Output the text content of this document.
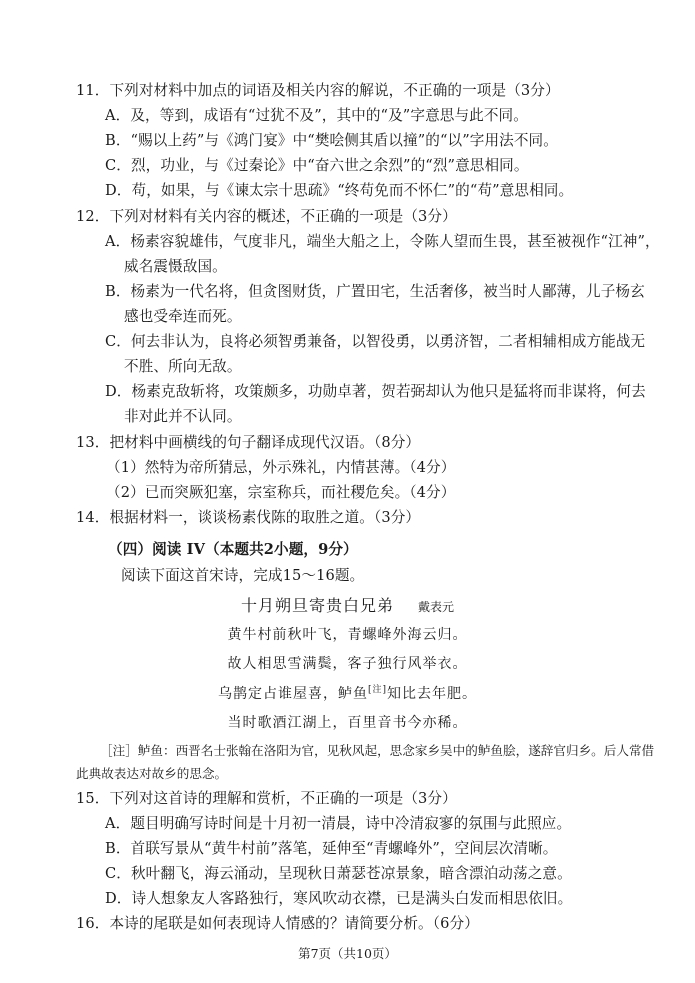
11．下列对材料中加点的词语及相关内容的解说，不正确的一项是（3分）
A．及，等到，成语有“过犹不及”，其中的“及”字意思与此不同。
B．“赐以上药”与《鸿门宴》中“樊哙侧其盾以撞”的“以”字用法不同。
C．烈，功业，与《过秦论》中“奋六世之余烈”的“烈”意思相同。
D．苟，如果，与《谏太宗十思疏》“终苟免而不怀仁”的“苟”意思相同。
12．下列对材料有关内容的概述，不正确的一项是（3分）
A．杨素容貌雄伟，气度非凡，端坐大船之上，令陈人望而生畏，甚至被视作“江神”，
威名震慑敌国。
B．杨素为一代名将，但贪图财货，广置田宅，生活奢侈，被当时人鄙薄，儿子杨玄
感也受牵连而死。
C．何去非认为，良将必须智勇兼备，以智役勇，以勇济智，二者相辅相成方能战无
不胜、所向无敌。
D．杨素克敌斩将，攻策颇多，功勋卓著，贺若弼却认为他只是猛将而非谋将，何去
非对此并不认同。
13．把材料中画横线的句子翻译成现代汉语。（8分）
（1）然特为帝所猜忌，外示殊礼，内情甚薄。（4分）
（2）已而突厥犯塞，宗室称兵，而社稷危矣。（4分）
14．根据材料一，谈谈杨素伐陈的取胜之道。（3分）
（四）阅读 IV（本题共2小题，9分）
阅读下面这首宋诗，完成15～16题。
十月朔旦寄贵白兄弟 戴表元
黄牛村前秋叶飞，青螺峰外海云归。
故人相思雪满鬓，客子独行风举衣。
乌鹊定占谁屋喜，鲈鱼[注]知比去年肥。
当时歌酒江湖上，百里音书今亦稀。
［注］鲈鱼：西晋名士张翰在洛阳为官，见秋风起，思念家乡吴中的鲈鱼脍，遂辞官归乡。后人常借
此典故表达对故乡的思念。
15．下列对这首诗的理解和赏析，不正确的一项是（3分）
A．题目明确写诗时间是十月初一清晨，诗中冷清寂寥的氛围与此照应。
B．首联写景从“黄牛村前”落笔，延伸至“青螺峰外”，空间层次清晰。
C．秋叶翻飞，海云涌动，呈现秋日萧瑟苍凉景象，暗含漂泊动荡之意。
D．诗人想象友人客路独行，寒风吹动衣襟，已是满头白发而相思依旧。
16．本诗的尾联是如何表现诗人情感的？请简要分析。（6分）
第7页（共10页）
